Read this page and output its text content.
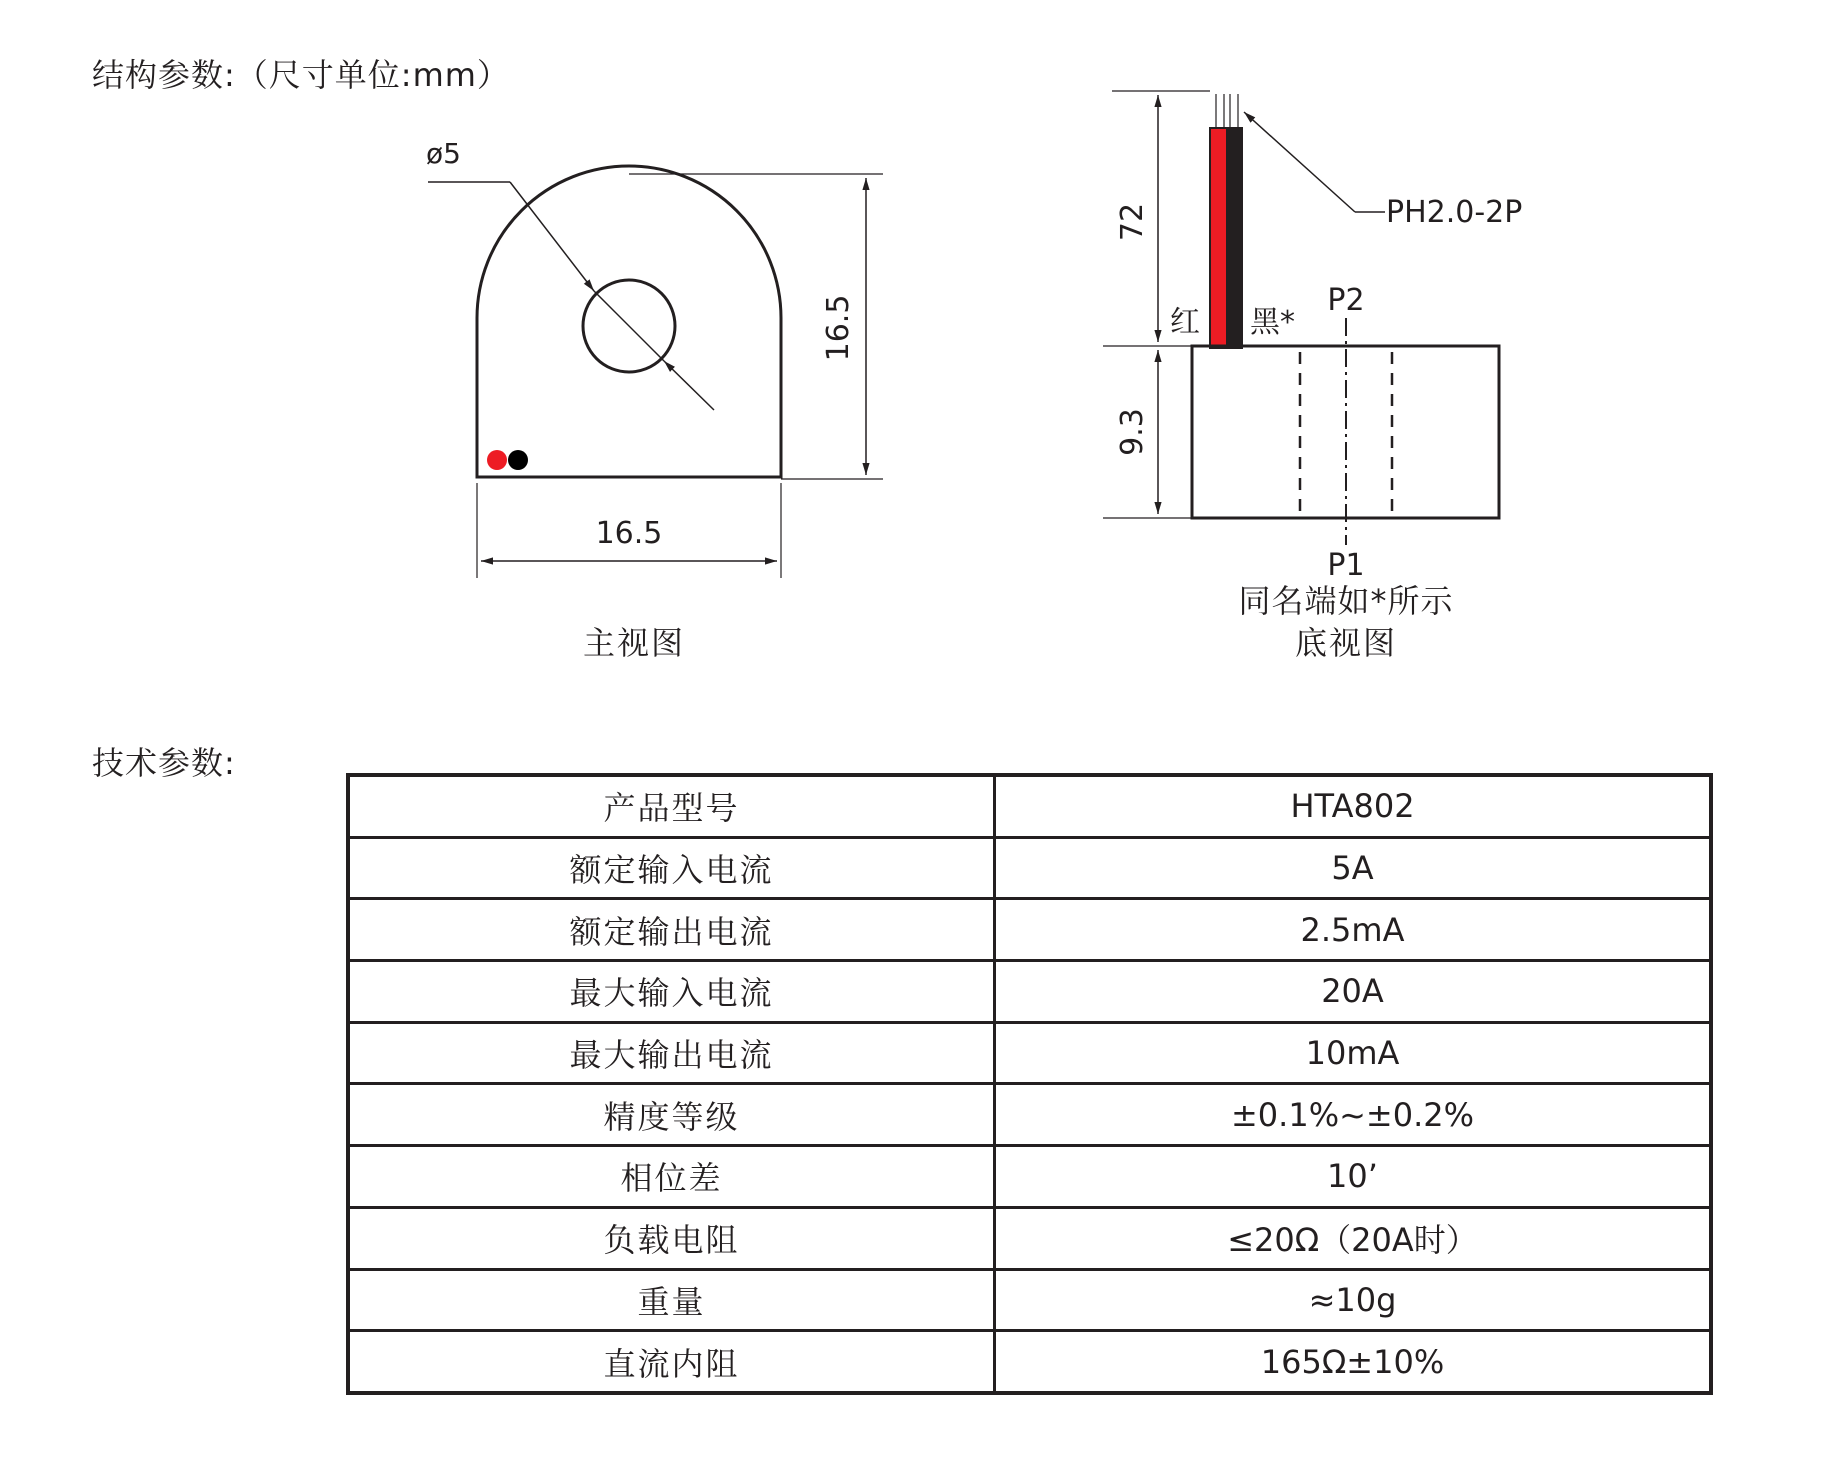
结构参数:（尺寸单位:mm）
ø5
16.5
16.5
主视图
PH2.0-2P
72
9.3
红 黑*
P2
P1
同名端如*所示
底视图
技术参数:
产品型号	HTA802
额定输入电流	5A
额定输出电流	2.5mA
最大输入电流	20A
最大输出电流	10mA
精度等级	±0.1%~±0.2%
相位差	10’
负载电阻	≤20Ω（20A时）
重量	≈10g
直流内阻	165Ω±10%
